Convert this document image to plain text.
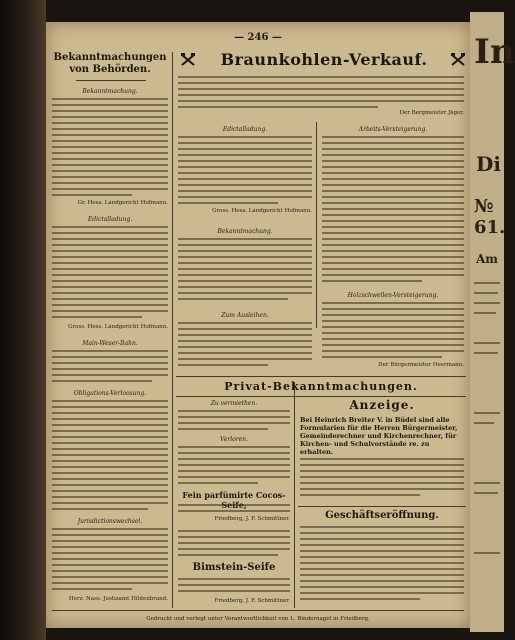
In
Di
№ 61.
Am
— 246 —
Bekanntmachungen von Behörden.
Bekanntmachung.
Gr. Hess. Landgericht Hofmann.
Edictalladung.
Gross. Hess. Landgericht Hofmann.
Main-Weser-Bahn.
Obligations-Verloosung.
Jurisdictionswechsel.
Herz. Nass. Justizamt Hildenbrand.
Braunkohlen-Verkauf.
Der Bergmeister Jäger.
Edictalladung.
Gross. Hess. Landgericht Hofmann.
Bekanntmachung.
Zum Ausleihen.
Arbeits-Versteigerung.
Holzschwellen-Versteigerung.
Der Bürgermeister Heermann.
Privat-Bekanntmachungen.
Zu vermiethen.
Verloren.
Fein parfümirte Cocos-
Friedberg, J. F. Schmittner.
Bimstein-Seife
Friedberg, J. F. Schmittner.
Anzeige.
Bei Heinrich Breiter V. in Büdel sind alle Formularien für die Herren Bürgermeister, Gemeinderechner und Kirchenrechner, für Kirchen- und Schulvorstände re. zu erhalten.
Geschäftseröffnung.
Gedruckt und verlegt unter Verantwortlichkeit von L. Bindernagel in Friedberg.
